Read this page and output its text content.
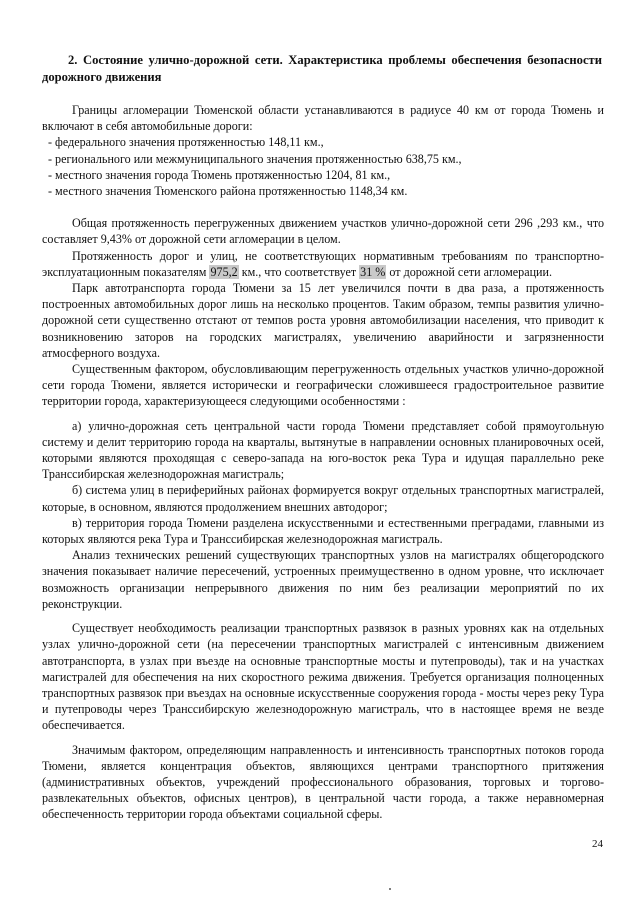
2. Состояние улично-дорожной сети. Характеристика проблемы обеспечения безопасности дорожного движения

Границы агломерации Тюменской области устанавливаются в радиусе 40 км от города Тюмень и включают в себя автомобильные дороги:

- федерального значения протяженностью 148,11 км.,

- регионального или межмуниципального значения протяженностью 638,75 км.,

- местного значения города Тюмень протяженностью 1204, 81 км.,

- местного значения Тюменского района протяженностью 1148,34 км.

Общая протяженность перегруженных движением участков улично-дорожной сети 296 ,293 км., что составляет 9,43% от дорожной сети агломерации в целом.

Протяженность дорог и улиц, не соответствующих нормативным требованиям по транспортно-эксплуатационным показателям 975,2 км., что соответствует 31 % от дорожной сети агломерации.

Парк автотранспорта города Тюмени за 15 лет увеличился почти в два раза, а протяженность построенных автомобильных дорог лишь на несколько процентов. Таким образом, темпы развития улично-дорожной сети существенно отстают от темпов роста уровня автомобилизации населения, что приводит к возникновению заторов на городских магистралях, увеличению аварийности и загрязненности атмосферного воздуха.

Существенным фактором, обусловливающим перегруженность отдельных участков улично-дорожной сети города Тюмени, является исторически и географически сложившееся градостроительное развитие территории города, характеризующееся следующими особенностями :

а) улично-дорожная сеть центральной части города Тюмени представляет собой прямоугольную систему и делит территорию города на кварталы, вытянутые в направлении основных планировочных осей, которыми являются проходящая с северо-запада на юго-восток река Тура и идущая параллельно реке Транссибирская железнодорожная магистраль;

б) система улиц в периферийных районах формируется вокруг отдельных транспортных магистралей, которые, в основном, являются продолжением внешних автодорог;

в) территория города Тюмени разделена искусственными и естественными преградами, главными из которых являются река Тура и Транссибирская железнодорожная магистраль.

Анализ технических решений существующих транспортных узлов на магистралях общегородского значения показывает наличие пересечений, устроенных преимущественно в одном уровне, что исключает возможность организации непрерывного движения по ним без реализации мероприятий по их реконструкции.

Существует необходимость реализации транспортных развязок в разных уровнях как на отдельных узлах улично-дорожной сети (на пересечении транспортных магистралей с интенсивным движением автотранспорта, в узлах при въезде на основные транспортные мосты и путепроводы), так и на участках магистралей для обеспечения на них скоростного режима движения. Требуется организация полноценных транспортных развязок при въездах на основные искусственные сооружения города - мосты через реку Тура и путепроводы через Транссибирскую железнодорожную магистраль, что в настоящее время не везде обеспечивается.

Значимым фактором, определяющим направленность и интенсивность транспортных потоков города Тюмени, является концентрация объектов, являющихся центрами транспортного притяжения (административных объектов, учреждений профессионального образования, торговых и торгово-развлекательных объектов, офисных центров), в центральной части города, а также неравномерная обеспеченность территории города объектами социальной сферы.

24
